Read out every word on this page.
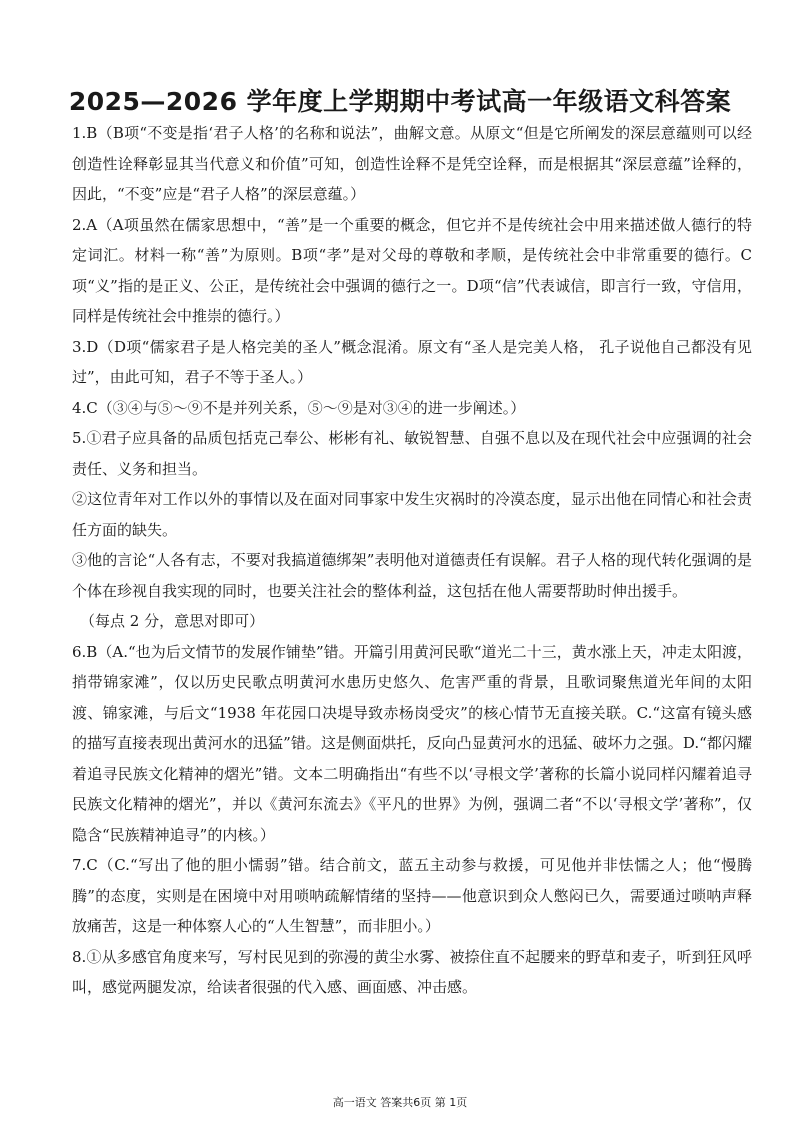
2025—2026 学年度上学期期中考试高一年级语文科答案

1.B（B项“不变是指‘君子人格’的名称和说法”，曲解文意。从原文“但是它所阐发的深层意蕴则可以经创造性诠释彰显其当代意义和价值”可知，创造性诠释不是凭空诠释，而是根据其“深层意蕴”诠释的，因此，“不变”应是“君子人格”的深层意蕴。）

2.A（A项虽然在儒家思想中，“善”是一个重要的概念，但它并不是传统社会中用来描述做人德行的特定词汇。材料一称“善”为原则。B项“孝”是对父母的尊敬和孝顺，是传统社会中非常重要的德行。C项“义”指的是正义、公正，是传统社会中强调的德行之一。D项“信”代表诚信，即言行一致，守信用，同样是传统社会中推崇的德行。）

3.D（D项“儒家君子是人格完美的圣人”概念混淆。原文有“圣人是完美人格， 孔子说他自己都没有见过”，由此可知，君子不等于圣人。）

4.C（③④与⑤～⑨不是并列关系，⑤～⑨是对③④的进一步阐述。）

5.①君子应具备的品质包括克己奉公、彬彬有礼、敏锐智慧、自强不息以及在现代社会中应强调的社会责任、义务和担当。

②这位青年对工作以外的事情以及在面对同事家中发生灾祸时的冷漠态度，显示出他在同情心和社会责任方面的缺失。

③他的言论“人各有志，不要对我搞道德绑架”表明他对道德责任有误解。君子人格的现代转化强调的是个体在珍视自我实现的同时，也要关注社会的整体利益，这包括在他人需要帮助时伸出援手。

（每点 2 分，意思对即可）

6.B（A.“也为后文情节的发展作铺垫”错。开篇引用黄河民歌“道光二十三，黄水涨上天，冲走太阳渡，捎带锦家滩”，仅以历史民歌点明黄河水患历史悠久、危害严重的背景，且歌词聚焦道光年间的太阳渡、锦家滩，与后文“1938 年花园口决堤导致赤杨岗受灾”的核心情节无直接关联。C.“这富有镜头感的描写直接表现出黄河水的迅猛”错。这是侧面烘托，反向凸显黄河水的迅猛、破坏力之强。D.“都闪耀着追寻民族文化精神的熠光”错。文本二明确指出“有些不以‘寻根文学’著称的长篇小说同样闪耀着追寻民族文化精神的熠光”，并以《黄河东流去》《平凡的世界》为例，强调二者“不以‘寻根文学’著称”，仅隐含“民族精神追寻”的内核。）

7.C（C.“写出了他的胆小懦弱”错。结合前文，蓝五主动参与救援，可见他并非怯懦之人；他“慢腾腾”的态度，实则是在困境中对用唢呐疏解情绪的坚持——他意识到众人憋闷已久，需要通过唢呐声释放痛苦，这是一种体察人心的“人生智慧”，而非胆小。）

8.①从多感官角度来写，写村民见到的弥漫的黄尘水雾、被捺住直不起腰来的野草和麦子，听到狂风呼叫，感觉两腿发凉，给读者很强的代入感、画面感、冲击感。

高一语文 答案共6页 第 1页
